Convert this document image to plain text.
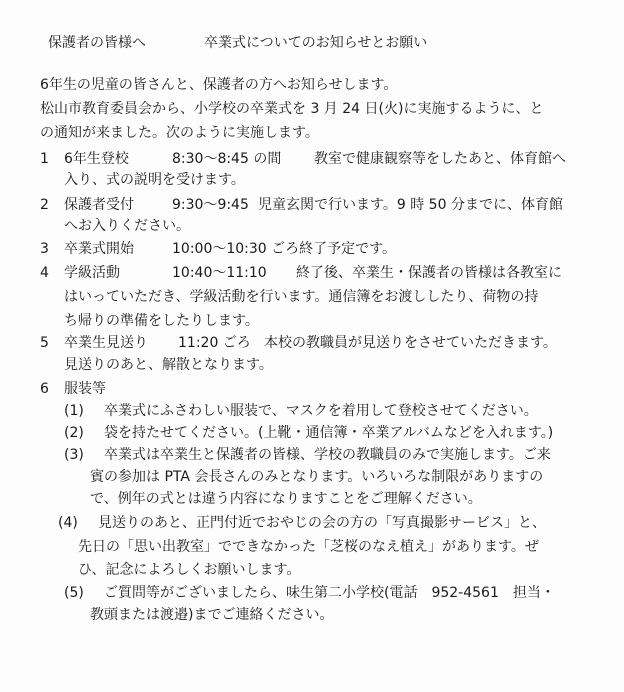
保護者の皆様へ	卒業式についてのお知らせとお願い
6年生の児童の皆さんと、保護者の方へお知らせします。
松山市教育委員会から、小学校の卒業式を 3 月 24 日(火)に実施するように、と
の通知が来ました。次のように実施します。
1 6年生登校	8:30～8:45 の間 教室で健康観察等をしたあと、体育館へ
入り、式の説明を受けます。
2 保護者受付	9:30～9:45 児童玄関で行います。9 時 50 分までに、体育館
へお入りください。
3 卒業式開始	10:00～10:30 ごろ終了予定です。
4 学級活動	10:40～11:10 終了後、卒業生・保護者の皆様は各教室に
はいっていただき、学級活動を行います。通信簿をお渡ししたり、荷物の持
ち帰りの準備をしたりします。
5 卒業生見送り 11:20 ごろ 本校の教職員が見送りをさせていただきます。
見送りのあと、解散となります。
6 服装等
(1) 卒業式にふさわしい服装で、マスクを着用して登校させてください。
(2) 袋を持たせてください。(上靴・通信簿・卒業アルバムなどを入れます。)
(3) 卒業式は卒業生と保護者の皆様、学校の教職員のみで実施します。ご来
賓の参加は PTA 会長さんのみとなります。いろいろな制限がありますの
で、例年の式とは違う内容になりますことをご理解ください。
(4) 見送りのあと、正門付近でおやじの会の方の「写真撮影サービス」と、
先日の「思い出教室」でできなかった「芝桜のなえ植え」があります。ぜ
ひ、記念によろしくお願いします。
(5) ご質問等がございましたら、味生第二小学校(電話　952-4561　担当・
教頭または渡邉)までご連絡ください。
